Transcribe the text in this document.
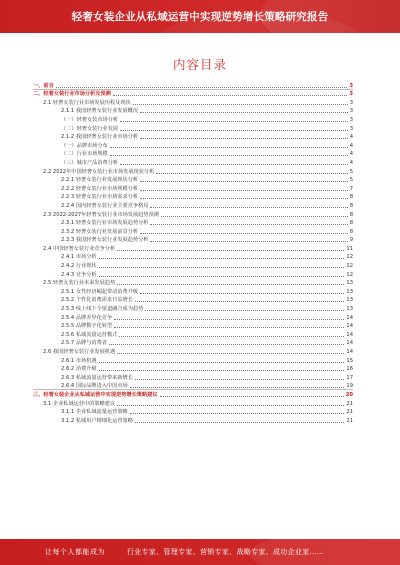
轻奢女装企业从私域运营中实现逆势增长策略研究报告
内容目录
一、前言	3
二、轻奢女装行业市场分析及预测	3
2.1 轻奢女装行业市场发展历程及现状	3
2.1.1 我国轻奢女装行业发展概况	3
（一）轻奢女装市场分析	3
（二）轻奢女装行业发展	3
2.1.2 我国轻奢女装行业市场分析	4
（一）品牌市场分布	4
（二）行业市场规模	4
（三）城市产品消费分析	4
2.2 2022年中国轻奢女装行业市场发展现状分析	5
2.2.1 轻奢女装行业发展现状分析	5
2.2.2 轻奢女装行业市场规模分析	7
2.2.3 轻奢女装行业市场需求分析	8
2.2.4 国内轻奢女装行业主要竞争格局	8
2.3 2022-2027年轻奢女装行业市场发展趋势预测	8
2.3.1 轻奢女装行业市场发展趋势分析	8
2.3.2 轻奢女装行业发展前景分析	8
2.3.3 我国轻奢女装行业发展趋势分析	9
2.4 中国轻奢女装行业竞争分析	11
2.4.1 市场分析	12
2.4.2 行业现状	12
2.4.3 竞争分析	12
2.5 轻奢女装行业未来发展趋势	13
2.5.1 女性经济崛起带动消费升级	13
2.5.2 个性化消费需求日益增长	13
2.5.3 线上线下全渠道融合成为趋势	13
2.5.4 品牌差异化竞争	14
2.5.5 品牌数字化转型	14
2.5.6 私域流量运营模式	14
2.5.7 品牌与消费者	14
2.6 我国轻奢女装行业发展机遇	14
2.6.1 市场机遇	15
2.6.2 消费升级	16
2.6.3 私域流量运营带来新增长	17
2.6.4 国际品牌进入中国市场	19
三、轻奢女装企业从私域运营中实现逆势增长策略建议	20
3.1 企业私域运营中的策略建议	21
3.1.1 企业私域流量运营策略	21
3.1.2 私域用户精细化运营策略	21
让每个人都能成为	行业专家、管理专家、营销专家、战略专家、成功企业家……
